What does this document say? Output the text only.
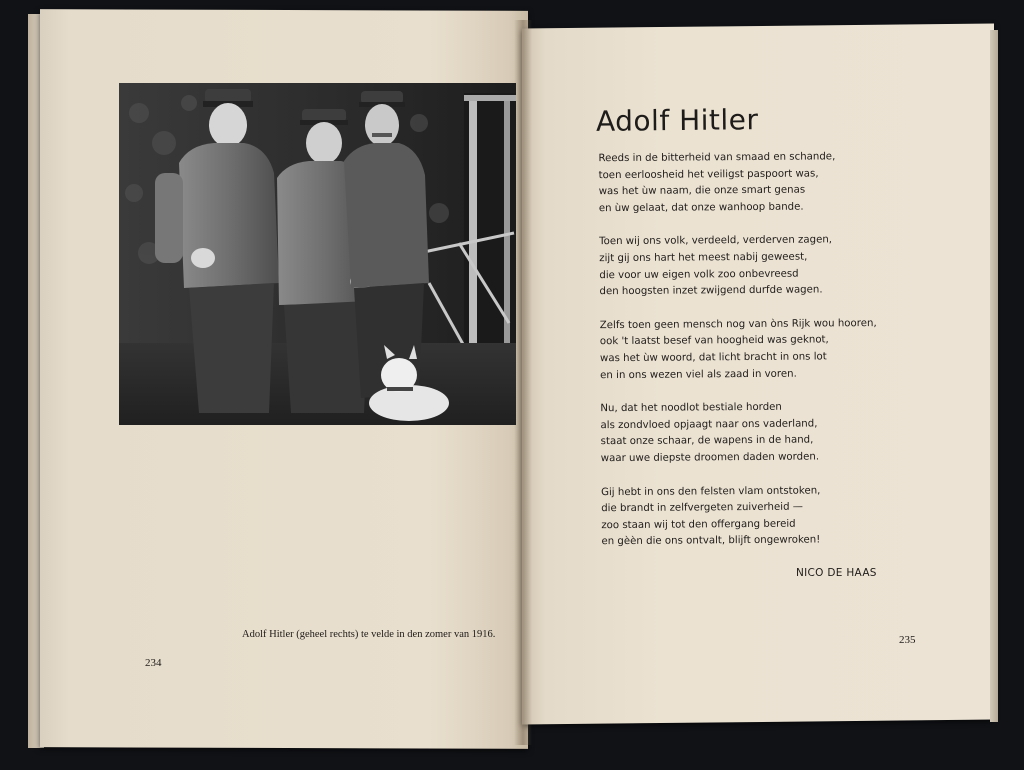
Adolf Hitler (geheel rechts) te velde in den zomer van 1916.
234
Adolf Hitler
Reeds in de bitterheid van smaad en schande,
toen eerloosheid het veiligst paspoort was,
was het ùw naam, die onze smart genas
en ùw gelaat, dat onze wanhoop bande.
Toen wij ons volk, verdeeld, verderven zagen,
zijt gij ons hart het meest nabij geweest,
die voor uw eigen volk zoo onbevreesd
den hoogsten inzet zwijgend durfde wagen.
Zelfs toen geen mensch nog van òns Rijk wou hooren,
ook 't laatst besef van hoogheid was geknot,
was het ùw woord, dat licht bracht in ons lot
en in ons wezen viel als zaad in voren.
Nu, dat het noodlot bestiale horden
als zondvloed opjaagt naar ons vaderland,
staat onze schaar, de wapens in de hand,
waar uwe diepste droomen daden worden.
Gij hebt in ons den felsten vlam ontstoken,
die brandt in zelfvergeten zuiverheid —
zoo staan wij tot den offergang bereid
en gèèn die ons ontvalt, blijft ongewroken!
NICO DE HAAS
235
